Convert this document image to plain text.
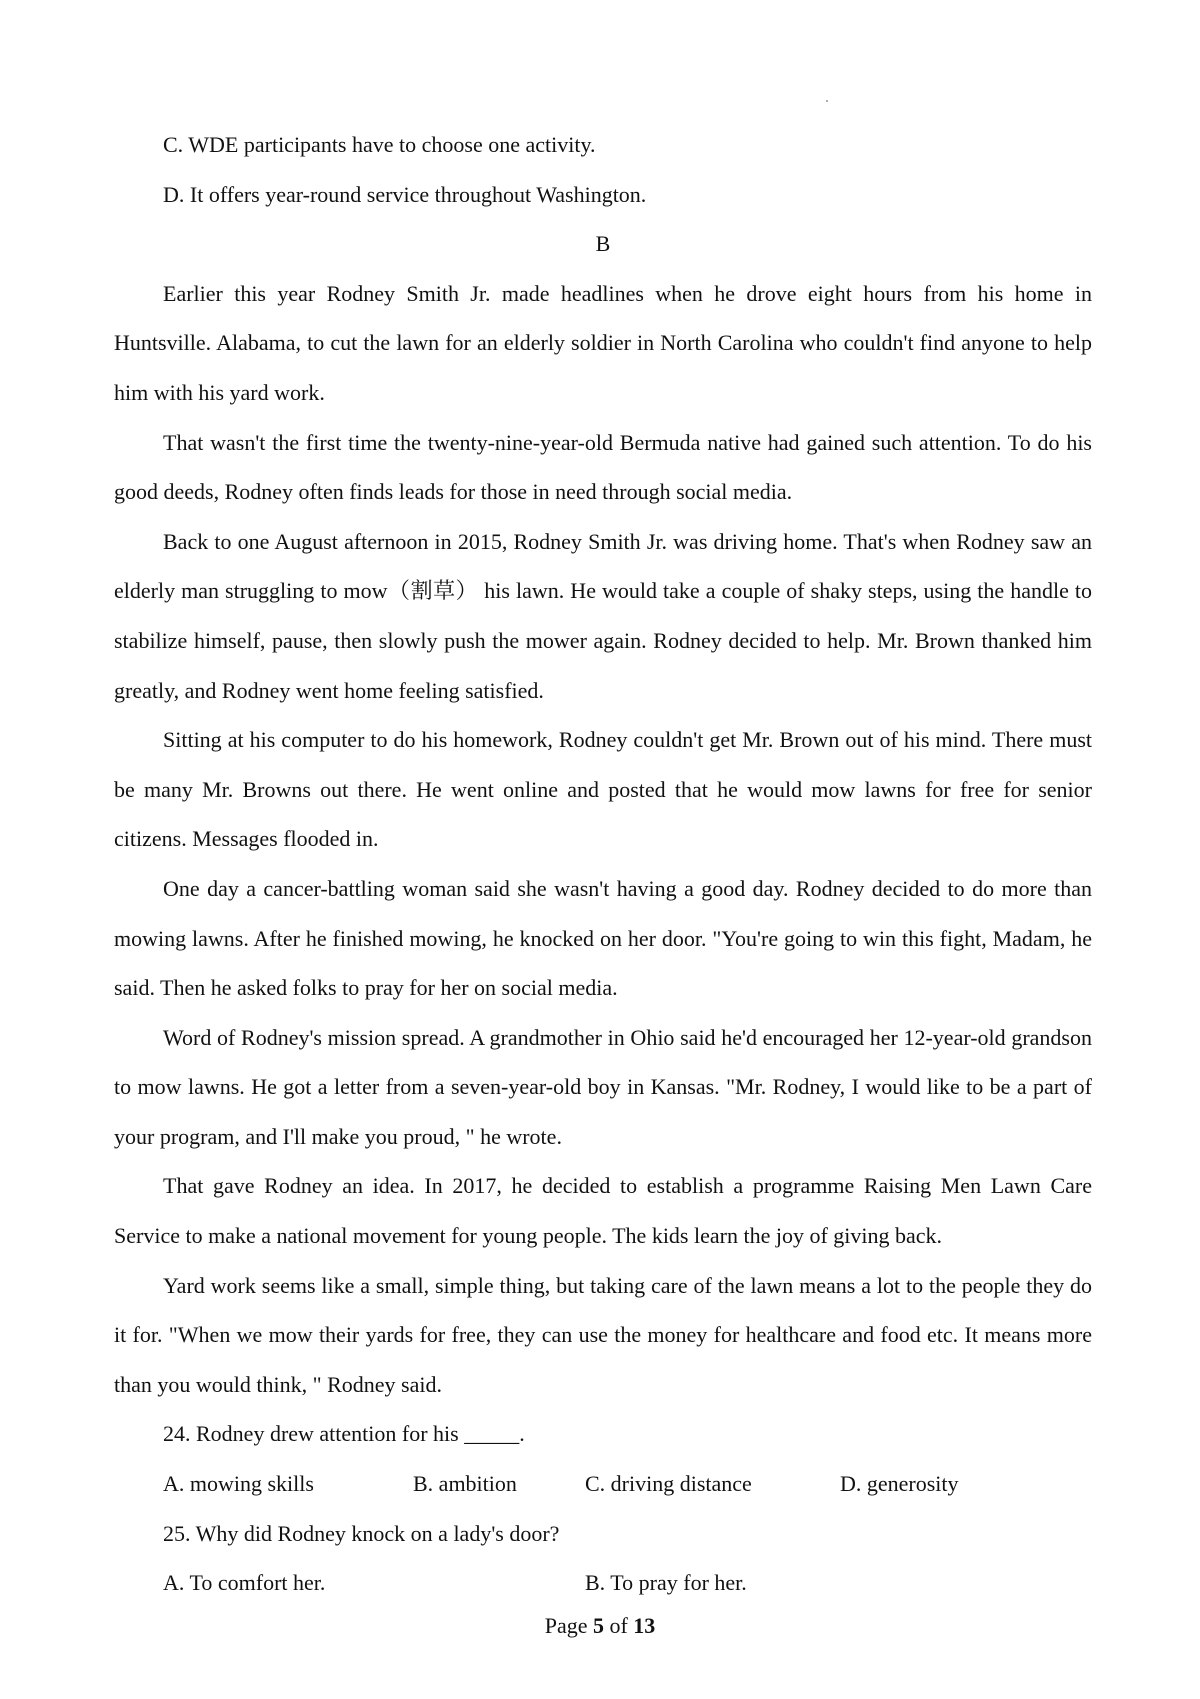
C. WDE participants have to choose one activity.

D. It offers year-round service throughout Washington.

B

Earlier this year Rodney Smith Jr. made headlines when he drove eight hours from his home in Huntsville. Alabama, to cut the lawn for an elderly soldier in North Carolina who couldn't find anyone to help him with his yard work.

That wasn't the first time the twenty-nine-year-old Bermuda native had gained such attention. To do his good deeds, Rodney often finds leads for those in need through social media.

Back to one August afternoon in 2015, Rodney Smith Jr. was driving home. That's when Rodney saw an elderly man struggling to mow（割草） his lawn. He would take a couple of shaky steps, using the handle to stabilize himself, pause, then slowly push the mower again. Rodney decided to help. Mr. Brown thanked him greatly, and Rodney went home feeling satisfied.

Sitting at his computer to do his homework, Rodney couldn't get Mr. Brown out of his mind. There must be many Mr. Browns out there. He went online and posted that he would mow lawns for free for senior citizens. Messages flooded in.

One day a cancer-battling woman said she wasn't having a good day. Rodney decided to do more than mowing lawns. After he finished mowing, he knocked on her door. "You're going to win this fight, Madam, he said. Then he asked folks to pray for her on social media.

Word of Rodney's mission spread. A grandmother in Ohio said he'd encouraged her 12-year-old grandson to mow lawns. He got a letter from a seven-year-old boy in Kansas. "Mr. Rodney, I would like to be a part of your program, and I'll make you proud, " he wrote.

That gave Rodney an idea. In 2017, he decided to establish a programme Raising Men Lawn Care Service to make a national movement for young people. The kids learn the joy of giving back.

Yard work seems like a small, simple thing, but taking care of the lawn means a lot to the people they do it for. "When we mow their yards for free, they can use the money for healthcare and food etc. It means more than you would think, " Rodney said.

24. Rodney drew attention for his _____.

A. mowing skills	B. ambition	C. driving distance	D. generosity

25. Why did Rodney knock on a lady's door?

A. To comfort her.	B. To pray for her.
Page 5 of 13
